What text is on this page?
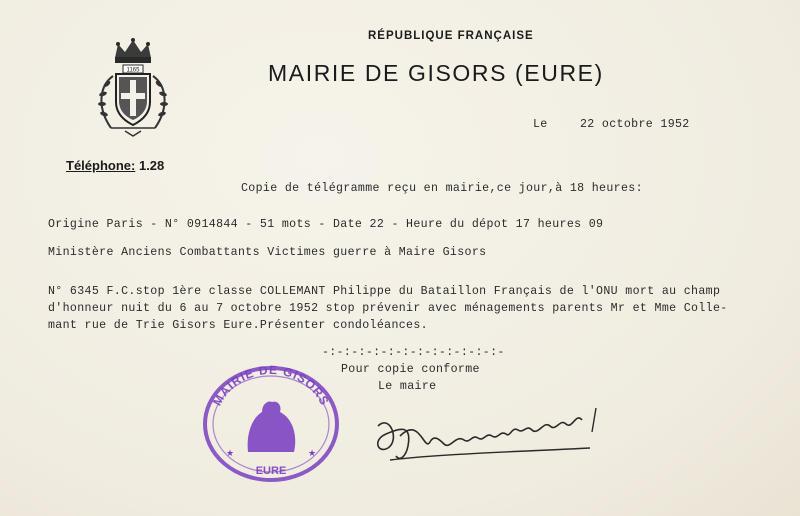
1165
RÉPUBLIQUE FRANÇAISE
MAIRIE DE GISORS (EURE)
Téléphone: 1.28
Le	22 octobre 1952
Copie de télégramme reçu en mairie,ce jour,à 18 heures:
Origine Paris - N° 0914844 - 51 mots - Date 22 - Heure du dépot 17 heures 09
Ministère Anciens Combattants Victimes guerre à Maire Gisors
N° 6345 F.C.stop 1ère classe COLLEMANT Philippe du Bataillon Français de l'ONU mort au champ
d'honneur nuit du 6 au 7 octobre 1952 stop prévenir avec ménagements parents Mr et Mme Colle-
mant rue de Trie Gisors Eure.Présenter condoléances.
-:-:-:-:-:-:-:-:-:-:-:-:-
Pour copie conforme
Le maire
MAIRIE DE GISORS
★	★
EURE
